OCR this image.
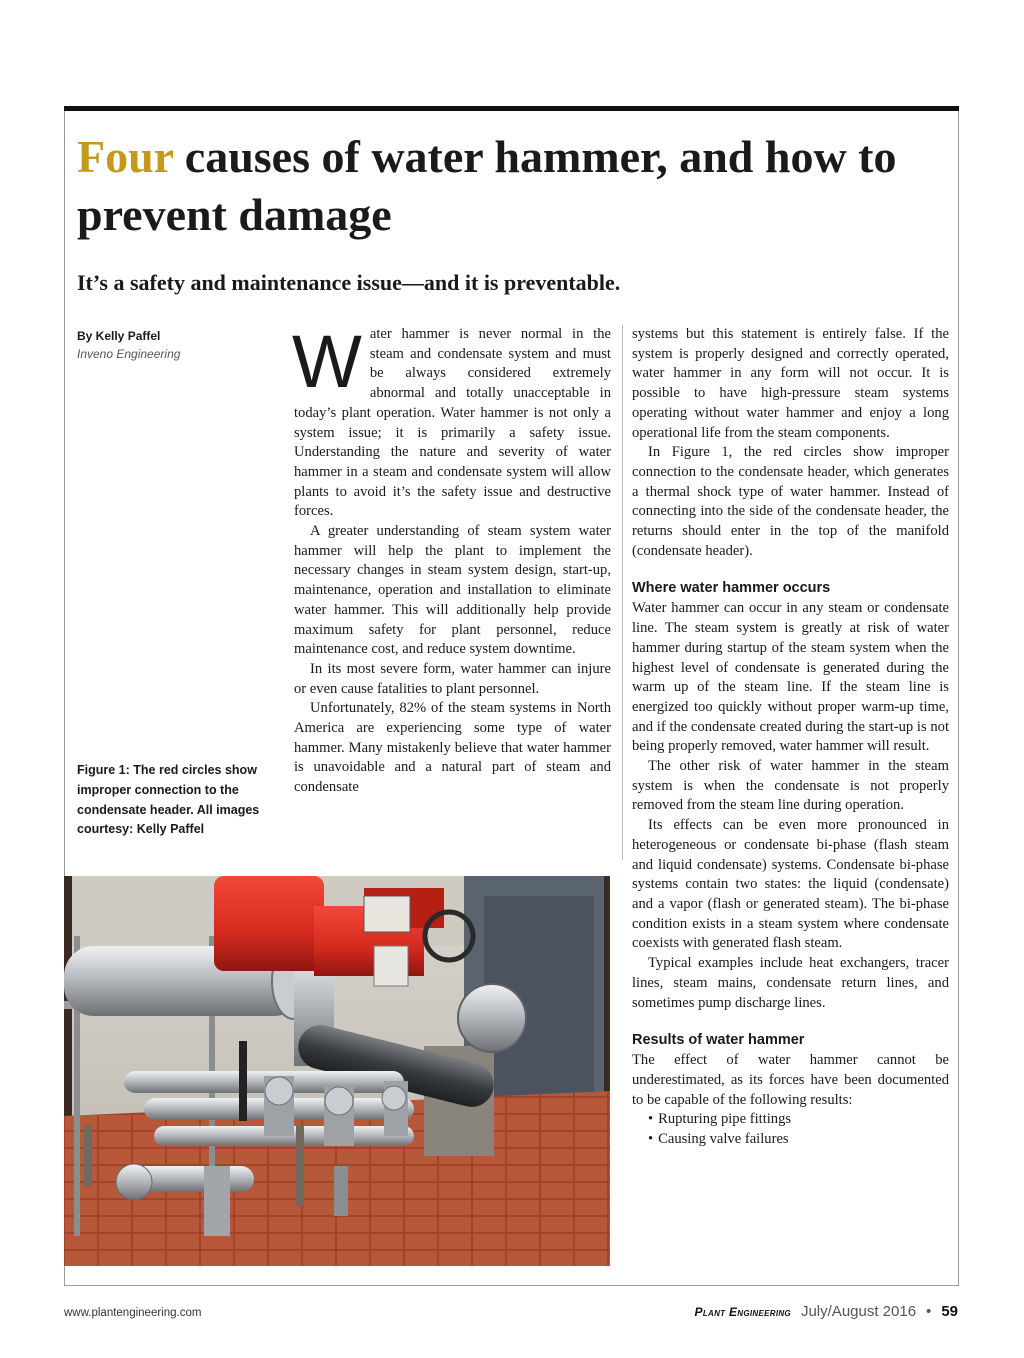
Four causes of water hammer, and how to prevent damage
It’s a safety and maintenance issue—and it is preventable.
By Kelly Paffel
Inveno Engineering
Figure 1: The red circles show improper connection to the condensate header. All images courtesy: Kelly Paffel

Water hammer is never normal in the steam and condensate system and must be always considered extremely abnormal and totally unacceptable in today’s plant operation. Water hammer is not only a system issue; it is primarily a safety issue. Understanding the nature and severity of water hammer in a steam and condensate system will allow plants to avoid it’s the safety issue and destructive forces.

A greater understanding of steam system water hammer will help the plant to implement the necessary changes in steam system design, start-up, maintenance, operation and installation to eliminate water hammer. This will additionally help provide maximum safety for plant personnel, reduce maintenance cost, and reduce system downtime.

In its most severe form, water hammer can injure or even cause fatalities to plant personnel.

Unfortunately, 82% of the steam systems in North America are experiencing some type of water hammer. Many mistakenly believe that water hammer is unavoidable and a natural part of steam and condensate

systems but this statement is entirely false. If the system is properly designed and correctly operated, water hammer in any form will not occur. It is possible to have high-pressure steam systems operating without water hammer and enjoy a long operational life from the steam components.

In Figure 1, the red circles show improper connection to the condensate header, which generates a thermal shock type of water hammer. Instead of connecting into the side of the condensate header, the returns should enter in the top of the manifold (condensate header).

Where water hammer occurs

Water hammer can occur in any steam or condensate line. The steam system is greatly at risk of water hammer during startup of the steam system when the highest level of condensate is generated during the warm up of the steam line. If the steam line is energized too quickly without proper warm-up time, and if the condensate created during the start-up is not being properly removed, water hammer will result.

The other risk of water hammer in the steam system is when the condensate is not properly removed from the steam line during operation.

Its effects can be even more pronounced in heterogeneous or condensate bi-phase (flash steam and liquid condensate) systems. Condensate bi-phase systems contain two states: the liquid (condensate) and a vapor (flash or generated steam). The bi-phase condition exists in a steam system where condensate coexists with generated flash steam.

Typical examples include heat exchangers, tracer lines, steam mains, condensate return lines, and sometimes pump discharge lines.

Results of water hammer

The effect of water hammer cannot be underestimated, as its forces have been documented to be capable of the following results:

• Rupturing pipe fittings
• Causing valve failures
www.plantengineering.com	Plant Engineering July/August 2016 • 59
